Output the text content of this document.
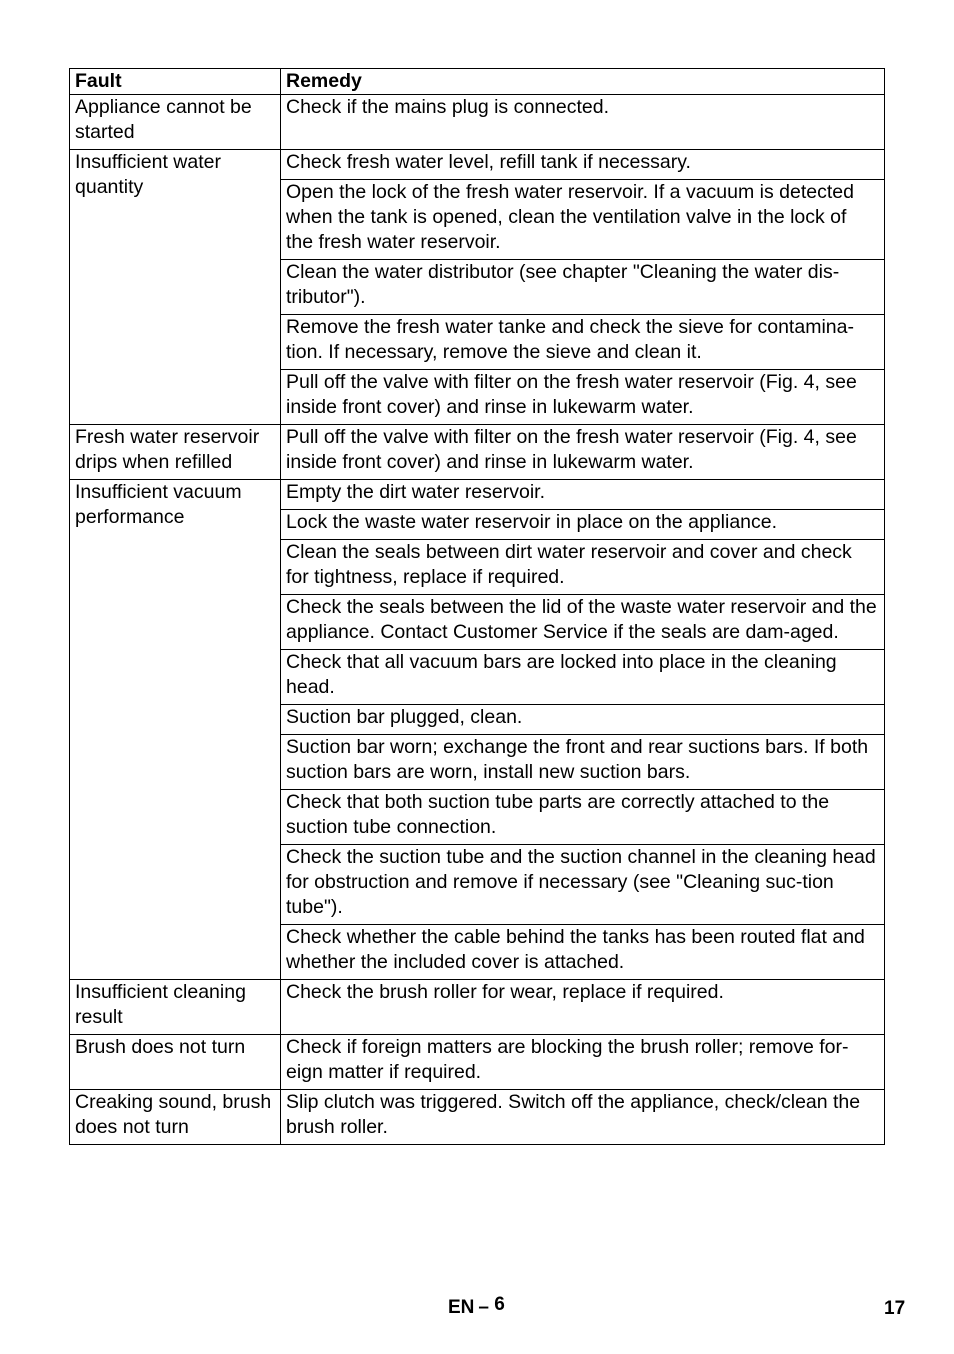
Fault	Remedy
Appliance cannot be started	Check if the mains plug is connected.
Insufficient water quantity	Check fresh water level, refill tank if necessary.
	Open the lock of the fresh water reservoir. If a vacuum is detected when the tank is opened, clean the ventilation valve in the lock of the fresh water reservoir.
	Clean the water distributor (see chapter "Cleaning the water dis-tributor").
	Remove the fresh water tanke and check the sieve for contamina-tion. If necessary, remove the sieve and clean it.
	Pull off the valve with filter on the fresh water reservoir (Fig. 4, see inside front cover) and rinse in lukewarm water.
Fresh water reservoir drips when refilled	Pull off the valve with filter on the fresh water reservoir (Fig. 4, see inside front cover) and rinse in lukewarm water.
Insufficient vacuum performance	Empty the dirt water reservoir.
	Lock the waste water reservoir in place on the appliance.
	Clean the seals between dirt water reservoir and cover and check for tightness, replace if required.
	Check the seals between the lid of the waste water reservoir and the appliance. Contact Customer Service if the seals are dam-aged.
	Check that all vacuum bars are locked into place in the cleaning head.
	Suction bar plugged, clean.
	Suction bar worn; exchange the front and rear suctions bars. If both suction bars are worn, install new suction bars.
	Check that both suction tube parts are correctly attached to the suction tube connection.
	Check the suction tube and the suction channel in the cleaning head for obstruction and remove if necessary (see "Cleaning suc-tion tube").
	Check whether the cable behind the tanks has been routed flat and whether the included cover is attached.
Insufficient cleaning result	Check the brush roller for wear, replace if required.
Brush does not turn	Check if foreign matters are blocking the brush roller; remove for-eign matter if required.
Creaking sound, brush does not turn	Slip clutch was triggered. Switch off the appliance, check/clean the brush roller.
EN – 6	17
